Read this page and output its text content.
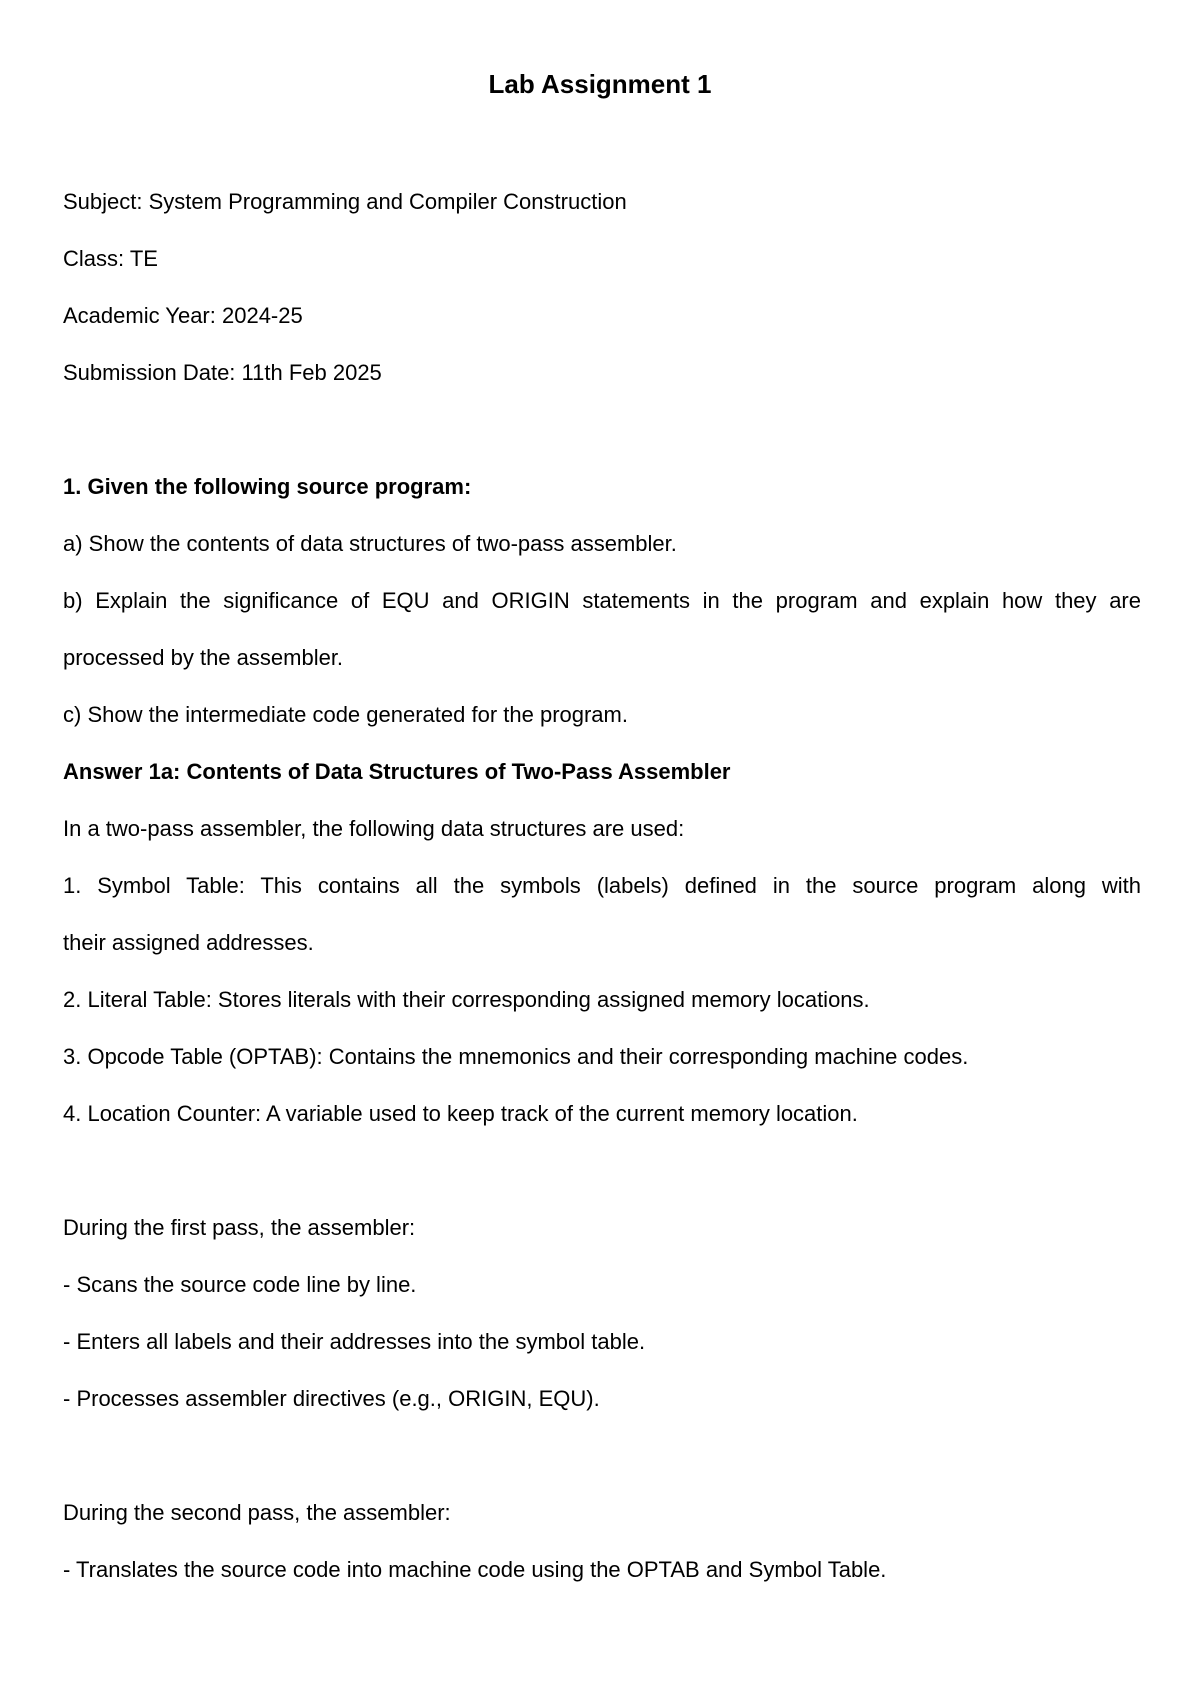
Lab Assignment 1

Subject: System Programming and Compiler Construction

Class: TE

Academic Year: 2024-25

Submission Date: 11th Feb 2025

1. Given the following source program:

a) Show the contents of data structures of two-pass assembler.

b) Explain the significance of EQU and ORIGIN statements in the program and explain how they are

processed by the assembler.

c) Show the intermediate code generated for the program.

Answer 1a: Contents of Data Structures of Two-Pass Assembler

In a two-pass assembler, the following data structures are used:

1. Symbol Table: This contains all the symbols (labels) defined in the source program along with

their assigned addresses.

2. Literal Table: Stores literals with their corresponding assigned memory locations.

3. Opcode Table (OPTAB): Contains the mnemonics and their corresponding machine codes.

4. Location Counter: A variable used to keep track of the current memory location.

During the first pass, the assembler:

- Scans the source code line by line.

- Enters all labels and their addresses into the symbol table.

- Processes assembler directives (e.g., ORIGIN, EQU).

During the second pass, the assembler:

- Translates the source code into machine code using the OPTAB and Symbol Table.
